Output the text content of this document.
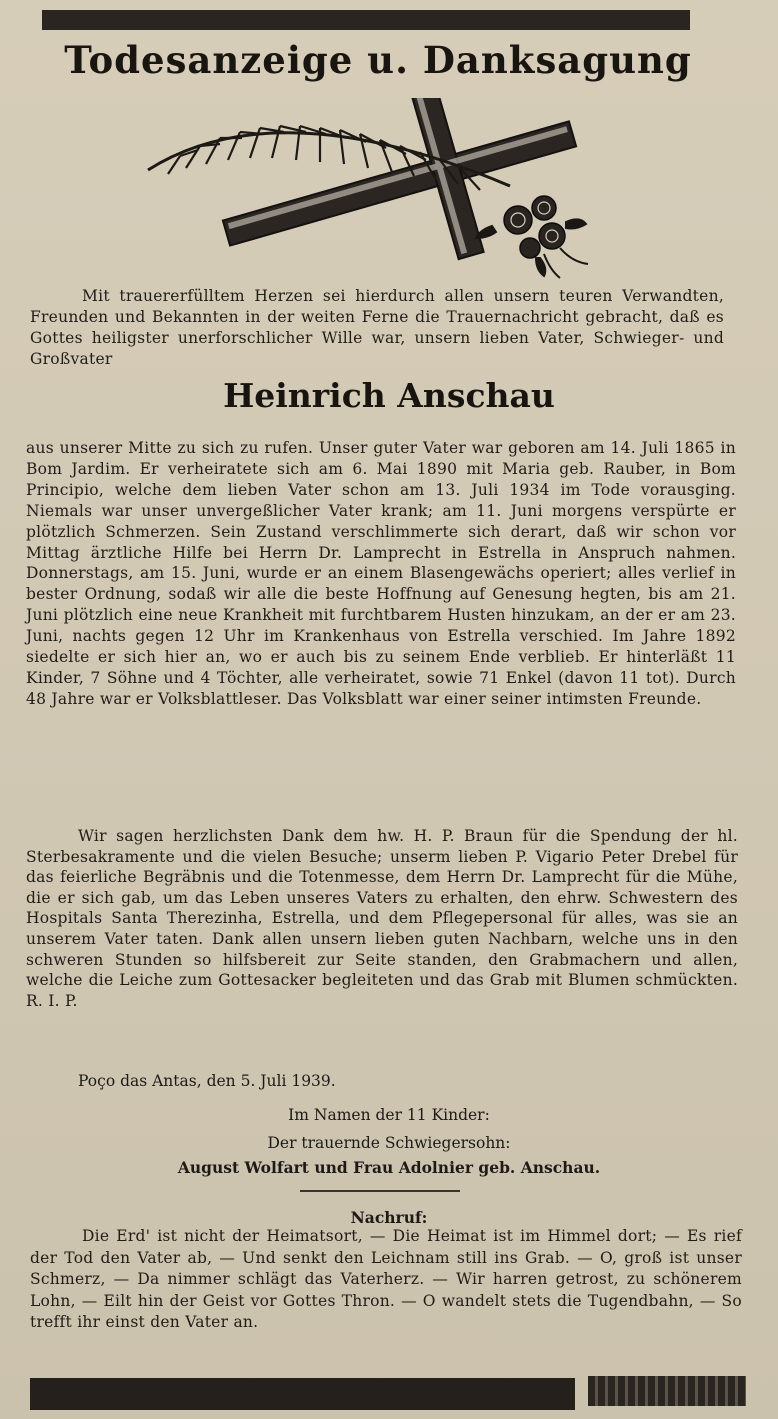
Todesanzeige u. Danksagung

Mit trauererfülltem Herzen sei hierdurch allen unsern teuren Verwandten, Freunden und Bekannten in der weiten Ferne die Trauernachricht gebracht, daß es Gottes heiligster unerforschlicher Wille war, unsern lieben Vater, Schwieger- und Großvater

Heinrich Anschau

aus unserer Mitte zu sich zu rufen. Unser guter Vater war geboren am 14. Juli 1865 in Bom Jardim. Er verheiratete sich am 6. Mai 1890 mit Maria geb. Rauber, in Bom Principio, welche dem lieben Vater schon am 13. Juli 1934 im Tode vorausging. Niemals war unser unvergeßlicher Vater krank; am 11. Juni morgens verspürte er plötzlich Schmerzen. Sein Zustand verschlimmerte sich derart, daß wir schon vor Mittag ärztliche Hilfe bei Herrn Dr. Lamprecht in Estrella in Anspruch nahmen. Donnerstags, am 15. Juni, wurde er an einem Blasengewächs operiert; alles verlief in bester Ordnung, sodaß wir alle die beste Hoffnung auf Genesung hegten, bis am 21. Juni plötzlich eine neue Krankheit mit furchtbarem Husten hinzukam, an der er am 23. Juni, nachts gegen 12 Uhr im Krankenhaus von Estrella verschied. Im Jahre 1892 siedelte er sich hier an, wo er auch bis zu seinem Ende verblieb. Er hinterläßt 11 Kinder, 7 Söhne und 4 Töchter, alle verheiratet, sowie 71 Enkel (davon 11 tot). Durch 48 Jahre war er Volksblattleser. Das Volksblatt war einer seiner intimsten Freunde.

Wir sagen herzlichsten Dank dem hw. H. P. Braun für die Spendung der hl. Sterbesakramente und die vielen Besuche; unserm lieben P. Vigario Peter Drebel für das feierliche Begräbnis und die Totenmesse, dem Herrn Dr. Lamprecht für die Mühe, die er sich gab, um das Leben unseres Vaters zu erhalten, den ehrw. Schwestern des Hospitals Santa Therezinha, Estrella, und dem Pflegepersonal für alles, was sie an unserem Vater taten. Dank allen unsern lieben guten Nachbarn, welche uns in den schweren Stunden so hilfsbereit zur Seite standen, den Grabmachern und allen, welche die Leiche zum Gottesacker begleiteten und das Grab mit Blumen schmückten. R. I. P.

Poço das Antas, den 5. Juli 1939.
Im Namen der 11 Kinder:
Der trauernde Schwiegersohn:
August Wolfart und Frau Adolnier geb. Anschau.
Nachruf:

Die Erd' ist nicht der Heimatsort, — Die Heimat ist im Himmel dort; — Es rief der Tod den Vater ab, — Und senkt den Leichnam still ins Grab. — O, groß ist unser Schmerz, — Da nimmer schlägt das Vaterherz. — Wir harren getrost, zu schönerem Lohn, — Eilt hin der Geist vor Gottes Thron. — O wandelt stets die Tugendbahn, — So trefft ihr einst den Vater an.
